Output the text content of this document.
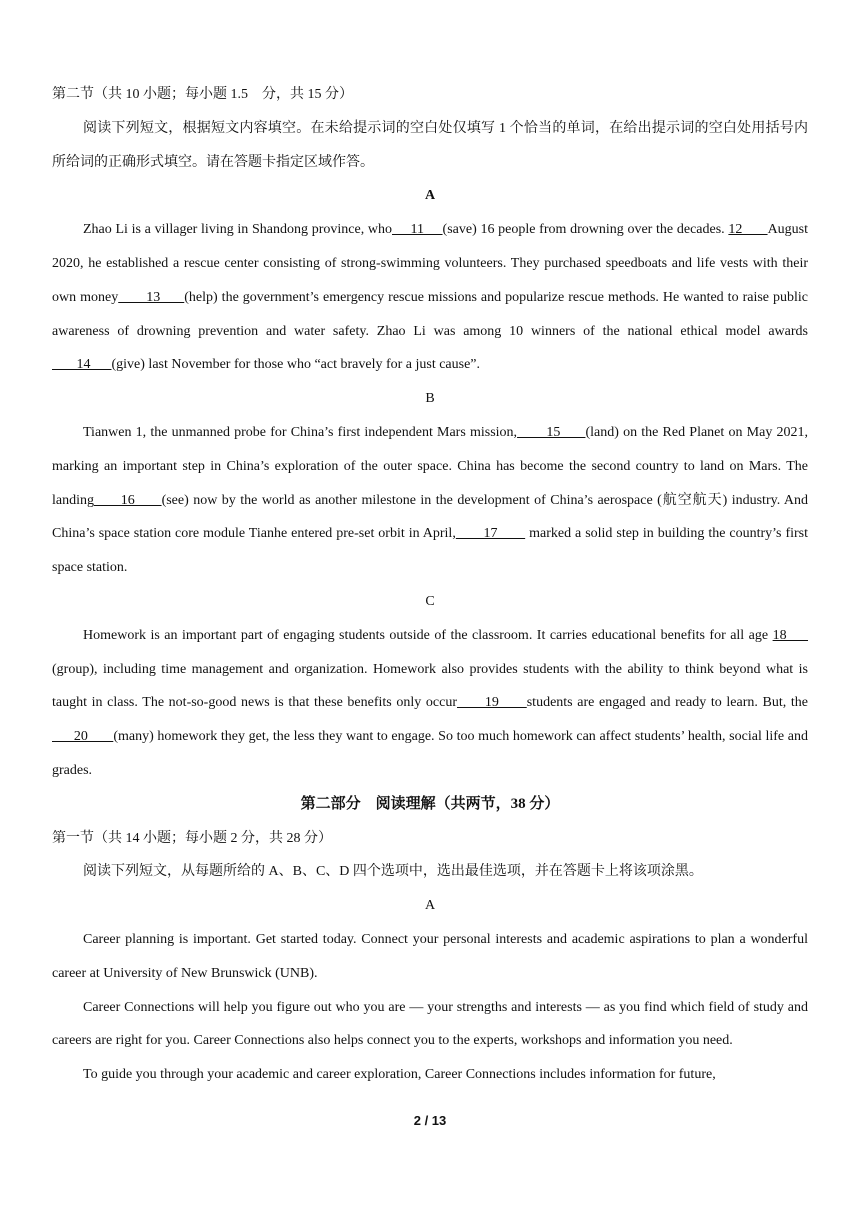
第二节（共 10 小题；每小题 1.5　分，共 15 分）
阅读下列短文，根据短文内容填空。在未给提示词的空白处仅填写 1 个恰当的单词，在给出提示词的空白处用括号内所给词的正确形式填空。请在答题卡指定区域作答。
A
Zhao Li is a villager living in Shandong province, who     11     (save) 16 people from drowning over the decades. 12       August 2020, he established a rescue center consisting of strong-swimming volunteers. They purchased speedboats and life vests with their own money       13      (help) the government’s emergency rescue missions and popularize rescue methods. He wanted to raise public awareness of drowning prevention and water safety. Zhao Li was among 10 winners of the national ethical model awards       14      (give) last November for those who “act bravely for a just cause”.
B
Tianwen 1, the unmanned probe for China’s first independent Mars mission,       15      (land) on the Red Planet on May 2021, marking an important step in China’s exploration of the outer space. China has become the second country to land on Mars. The landing      16      (see) now by the world as another milestone in the development of China’s aerospace (航空航天) industry. And China’s space station core module Tianhe entered pre-set orbit in April,       17        marked a solid step in building the country’s first space station.
C
Homework is an important part of engaging students outside of the classroom. It carries educational benefits for all age 18      (group), including time management and organization. Homework also provides students with the ability to think beyond what is taught in class. The not-so-good news is that these benefits only occur      19      students are engaged and ready to learn. But, the      20       (many) homework they get, the less they want to engage. So too much homework can affect students’ health, social life and grades.
第二部分　阅读理解（共两节，38 分）
第一节（共 14 小题；每小题 2 分，共 28 分）
阅读下列短文，从每题所给的 A、B、C、D 四个选项中，选出最佳选项，并在答题卡上将该项涂黑。
A
Career planning is important. Get started today. Connect your personal interests and academic aspirations to plan a wonderful career at University of New Brunswick (UNB).
Career Connections will help you figure out who you are — your strengths and interests — as you find which field of study and careers are right for you. Career Connections also helps connect you to the experts, workshops and information you need.
To guide you through your academic and career exploration, Career Connections includes information for future,
2 / 13
